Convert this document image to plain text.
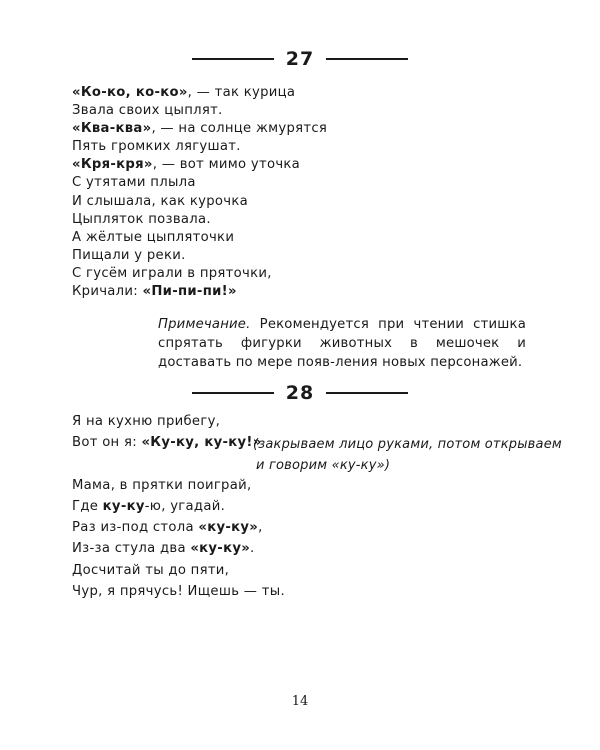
27
«Ко-ко, ко-ко», — так курица
Звала своих цыплят.
«Ква-ква», — на солнце жмурятся
Пять громких лягушат.
«Кря-кря», — вот мимо уточка
С утятами плыла
И слышала, как курочка
Цыпляток позвала.
А жёлтые цыпляточки
Пищали у реки.
С гусём играли в пряточки,
Кричали: «Пи-пи-пи!»
Примечание. Рекомендуется при чтении стишка спрятать фигурки животных в мешочек и доставать по мере появ-ления новых персонажей.
28
Я на кухню прибегу,
Вот он я: «Ку-ку, ку-ку!»
Мама, в прятки поиграй,
Где ку-ку-ю, угадай.
Раз из-под стола «ку-ку»,
Из-за стула два «ку-ку».
Досчитай ты до пяти,
Чур, я прячусь! Ищешь — ты.
(закрываем лицо руками, потом открываем
и говорим «ку-ку»)
14
